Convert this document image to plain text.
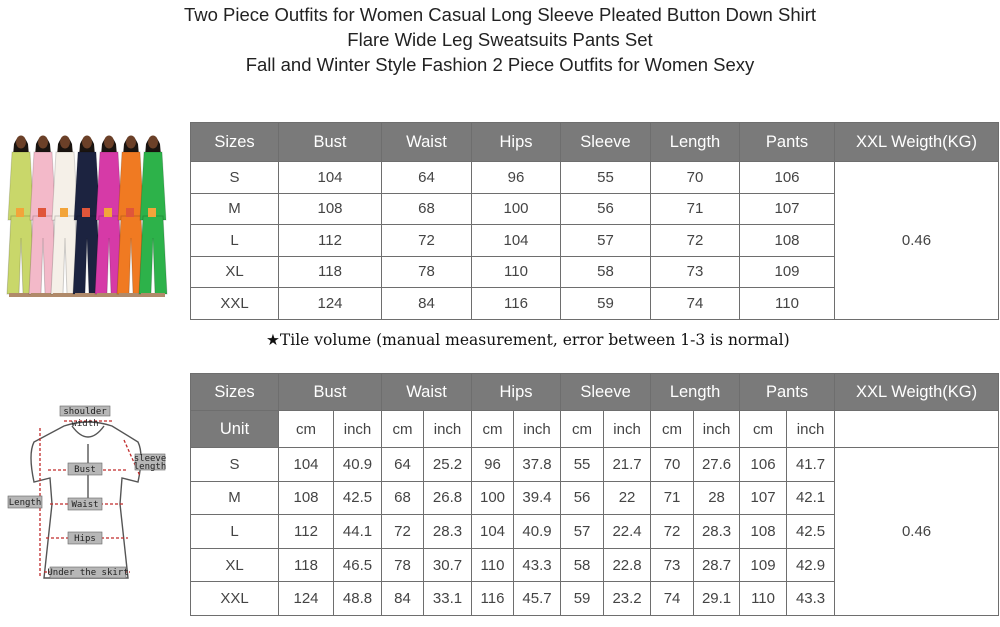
Two Piece Outfits for Women Casual Long Sleeve Pleated Button Down Shirt
Flare Wide Leg Sweatsuits Pants Set
Fall and Winter Style Fashion 2 Piece Outfits for Women Sexy
Sizes	Bust	Waist	Hips	Sleeve	Length	Pants	XXL Weigth(KG)
S	104	64	96	55	70	106	0.46
M	108	68	100	56	71	107	
L	112	72	104	57	72	108	
XL	118	78	110	58	73	109	
XXL	124	84	116	59	74	110	
★Tile volume (manual measurement, error between 1-3 is normal)
shoulder
width
sleeve
length
Bust
Waist
Hips
Length
Under the skirt
Sizes	Bust		Waist		Hips		Sleeve		Length		Pants		XXL Weigth(KG)
Unit	cm	inch	cm	inch	cm	inch	cm	inch	cm	inch	cm	inch	
S	104	40.9	64	25.2	96	37.8	55	21.7	70	27.6	106	41.7	0.46
M	108	42.5	68	26.8	100	39.4	56	22	71	28	107	42.1	
L	112	44.1	72	28.3	104	40.9	57	22.4	72	28.3	108	42.5	
XL	118	46.5	78	30.7	110	43.3	58	22.8	73	28.7	109	42.9	
XXL	124	48.8	84	33.1	116	45.7	59	23.2	74	29.1	110	43.3	
